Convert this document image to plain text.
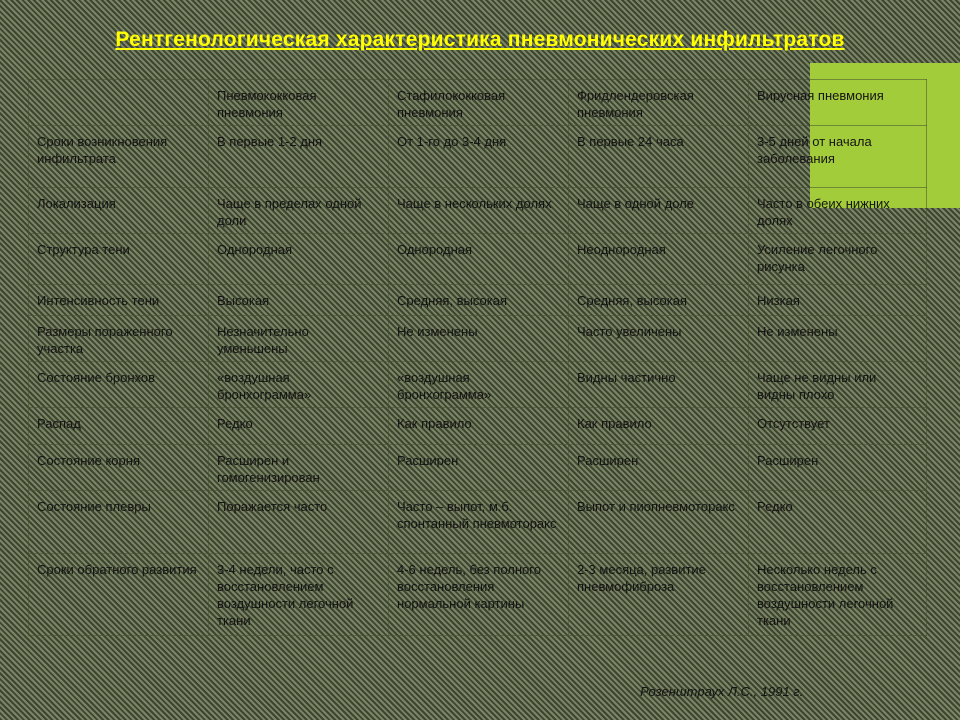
Рентгенологическая характеристика пневмонических инфильтратов
	Пневмококковая пневмония	Стафилококковая пневмония	Фридлендеровская пневмония	Вирусная пневмония
Сроки возникновения инфильтрата	В первые 1-2 дня	От 1-го до 3-4 дня	В первые 24 часа	3-5 дней от начала заболевания
Локализация	Чаще в пределах одной доли	Чаще в нескольких долях	Чаще в одной доле	Часто в обеих нижних долях
Структура тени	Однородная	Однородная	Неоднородная	Усиление легочного рисунка
Интенсивность тени	Высокая	Средняя, высокая	Средняя, высокая	Низкая
Размеры пораженного участка	Незначительно уменьшены	Не изменены	Часто увеличены	Не изменены
Состояние бронхов	«воздушная бронхограмма»	«воздушная бронхограмма»	Видны частично	Чаще не видны или видны плохо
Распад	Редко	Как правило	Как правило	Отсутствует
Состояние корня	Расширен и гомогенизирован	Расширен	Расширен	Расширен
Состояние плевры	Поражается часто	Часто – выпот, м.б. спонтанный пневмоторакс	Выпот и пиопневмоторакс	Редко
Сроки обратного развития	3-4 недели, часто с восстановлением воздушности легочной ткани	4-6 недель, без полного восстановления нормальной картины	2-3 месяца, развитие пневмофиброза	Несколько недель с восстановлением воздушности легочной ткани
Розенштраух Л.С., 1991 г.
